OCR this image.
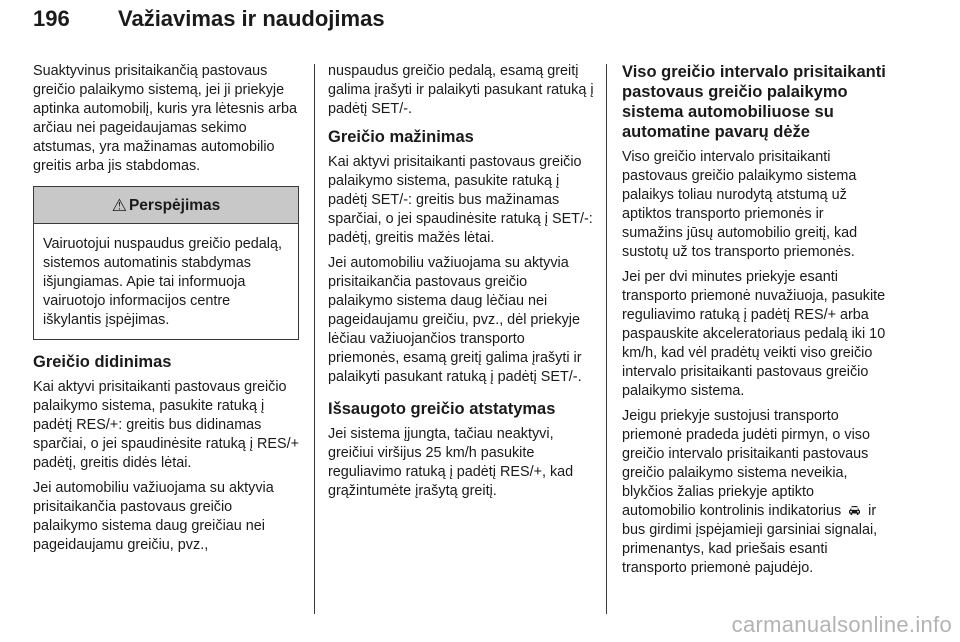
196	Važiavimas ir naudojimas

Suaktyvinus prisitaikančią pastovaus greičio palaikymo sistemą, jei ji priekyje aptinka automobilį, kuris yra lėtesnis arba arčiau nei pageidaujamas sekimo atstumas, yra mažinamas automobilio greitis arba jis stabdomas.

⚠ Perspėjimas

Vairuotojui nuspaudus greičio pedalą, sistemos automatinis stabdymas išjungiamas. Apie tai informuoja vairuotojo informacijos centre iškylantis įspėjimas.

Greičio didinimas

Kai aktyvi prisitaikanti pastovaus greičio palaikymo sistema, pasukite ratuką į padėtį RES/+: greitis bus didinamas sparčiai, o jei spaudinėsite ratuką į RES/+ padėtį, greitis didės lėtai.

Jei automobiliu važiuojama su aktyvia prisitaikančia pastovaus greičio palaikymo sistema daug greičiau nei pageidaujamu greičiu, pvz.,

nuspaudus greičio pedalą, esamą greitį galima įrašyti ir palaikyti pasukant ratuką į padėtį SET/-.

Greičio mažinimas

Kai aktyvi prisitaikanti pastovaus greičio palaikymo sistema, pasukite ratuką į padėtį SET/-: greitis bus mažinamas sparčiai, o jei spaudinėsite ratuką į SET/-: padėtį, greitis mažės lėtai.

Jei automobiliu važiuojama su aktyvia prisitaikančia pastovaus greičio palaikymo sistema daug lėčiau nei pageidaujamu greičiu, pvz., dėl priekyje lėčiau važiuojančios transporto priemonės, esamą greitį galima įrašyti ir palaikyti pasukant ratuką į padėtį SET/-.

Išsaugoto greičio atstatymas

Jei sistema įjungta, tačiau neaktyvi, greičiui viršijus 25 km/h pasukite reguliavimo ratuką į padėtį RES/+, kad grąžintumėte įrašytą greitį.

Viso greičio intervalo prisitaikanti pastovaus greičio palaikymo sistema automobiliuose su automatine pavarų dėže

Viso greičio intervalo prisitaikanti pastovaus greičio palaikymo sistema palaikys toliau nurodytą atstumą už aptiktos transporto priemonės ir sumažins jūsų automobilio greitį, kad sustotų už tos transporto priemonės.

Jei per dvi minutes priekyje esanti transporto priemonė nuvažiuoja, pasukite reguliavimo ratuką į padėtį RES/+ arba paspauskite akceleratoriaus pedalą iki 10 km/h, kad vėl pradėtų veikti viso greičio intervalo prisitaikanti pastovaus greičio palaikymo sistema.

Jeigu priekyje sustojusi transporto priemonė pradeda judėti pirmyn, o viso greičio intervalo prisitaikanti pastovaus greičio palaikymo sistema neveikia, blykčios žalias priekyje aptikto automobilio kontrolinis indikatorius ir bus girdimi įspėjamieji garsiniai signalai, primenantys, kad priešais esanti transporto priemonė pajudėjo.

carmanualsonline.info
